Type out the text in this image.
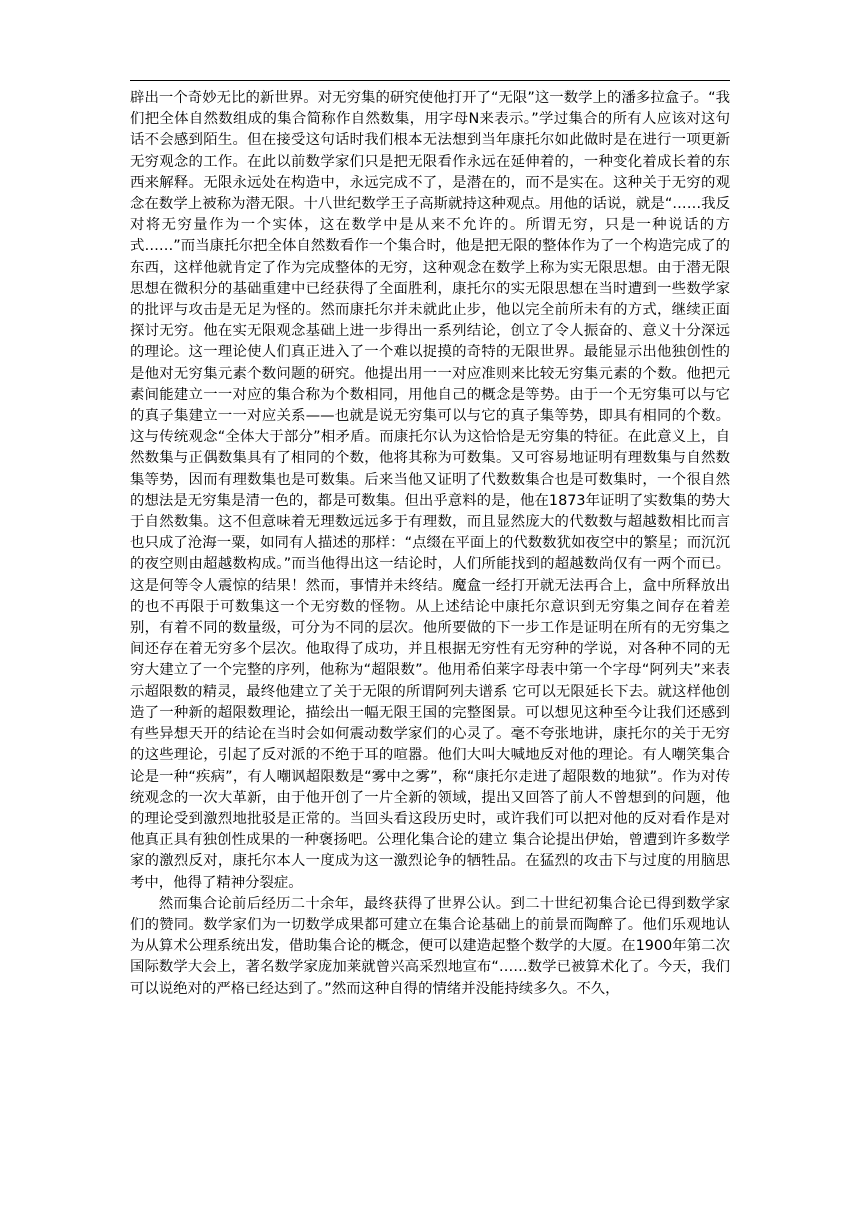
辟出一个奇妙无比的新世界。对无穷集的研究使他打开了“无限”这一数学上的潘多拉盒子。“我们把全体自然数组成的集合简称作自然数集，用字母N来表示。”学过集合的所有人应该对这句话不会感到陌生。但在接受这句话时我们根本无法想到当年康托尔如此做时是在进行一项更新无穷观念的工作。在此以前数学家们只是把无限看作永远在延伸着的，一种变化着成长着的东西来解释。无限永远处在构造中，永远完成不了，是潜在的，而不是实在。这种关于无穷的观念在数学上被称为潜无限。十八世纪数学王子高斯就持这种观点。用他的话说，就是“……我反对将无穷量作为一个实体，这在数学中是从来不允许的。所谓无穷，只是一种说话的方式……”而当康托尔把全体自然数看作一个集合时，他是把无限的整体作为了一个构造完成了的东西，这样他就肯定了作为完成整体的无穷，这种观念在数学上称为实无限思想。由于潜无限思想在微积分的基础重建中已经获得了全面胜利，康托尔的实无限思想在当时遭到一些数学家的批评与攻击是无足为怪的。然而康托尔并未就此止步，他以完全前所未有的方式，继续正面探讨无穷。他在实无限观念基础上进一步得出一系列结论，创立了令人振奋的、意义十分深远的理论。这一理论使人们真正进入了一个难以捉摸的奇特的无限世界。最能显示出他独创性的是他对无穷集元素个数问题的研究。他提出用一一对应准则来比较无穷集元素的个数。他把元素间能建立一一对应的集合称为个数相同，用他自己的概念是等势。由于一个无穷集可以与它的真子集建立一一对应关系——也就是说无穷集可以与它的真子集等势，即具有相同的个数。这与传统观念“全体大于部分”相矛盾。而康托尔认为这恰恰是无穷集的特征。在此意义上，自然数集与正偶数集具有了相同的个数，他将其称为可数集。又可容易地证明有理数集与自然数集等势，因而有理数集也是可数集。后来当他又证明了代数数集合也是可数集时，一个很自然的想法是无穷集是清一色的，都是可数集。但出乎意料的是，他在1873年证明了实数集的势大于自然数集。这不但意味着无理数远远多于有理数，而且显然庞大的代数数与超越数相比而言也只成了沧海一粟，如同有人描述的那样：“点缀在平面上的代数数犹如夜空中的繁星；而沉沉的夜空则由超越数构成。”而当他得出这一结论时，人们所能找到的超越数尚仅有一两个而已。这是何等令人震惊的结果！然而，事情并未终结。魔盒一经打开就无法再合上，盒中所释放出的也不再限于可数集这一个无穷数的怪物。从上述结论中康托尔意识到无穷集之间存在着差别，有着不同的数量级，可分为不同的层次。他所要做的下一步工作是证明在所有的无穷集之间还存在着无穷多个层次。他取得了成功，并且根据无穷性有无穷种的学说，对各种不同的无穷大建立了一个完整的序列，他称为“超限数”。他用希伯莱字母表中第一个字母“阿列夫”来表示超限数的精灵，最终他建立了关于无限的所谓阿列夫谱系 它可以无限延长下去。就这样他创造了一种新的超限数理论，描绘出一幅无限王国的完整图景。可以想见这种至今让我们还感到有些异想天开的结论在当时会如何震动数学家们的心灵了。毫不夸张地讲，康托尔的关于无穷的这些理论，引起了反对派的不绝于耳的喧嚣。他们大叫大喊地反对他的理论。有人嘲笑集合论是一种“疾病”，有人嘲讽超限数是“雾中之雾”，称“康托尔走进了超限数的地狱”。作为对传统观念的一次大革新，由于他开创了一片全新的领域，提出又回答了前人不曾想到的问题，他的理论受到激烈地批驳是正常的。当回头看这段历史时，或许我们可以把对他的反对看作是对他真正具有独创性成果的一种褒扬吧。公理化集合论的建立 集合论提出伊始，曾遭到许多数学家的激烈反对，康托尔本人一度成为这一激烈论争的牺牲品。在猛烈的攻击下与过度的用脑思考中，他得了精神分裂症。

然而集合论前后经历二十余年，最终获得了世界公认。到二十世纪初集合论已得到数学家们的赞同。数学家们为一切数学成果都可建立在集合论基础上的前景而陶醉了。他们乐观地认为从算术公理系统出发，借助集合论的概念，便可以建造起整个数学的大厦。在1900年第二次国际数学大会上，著名数学家庞加莱就曾兴高采烈地宣布“……数学已被算术化了。今天，我们可以说绝对的严格已经达到了。”然而这种自得的情绪并没能持续多久。不久，
